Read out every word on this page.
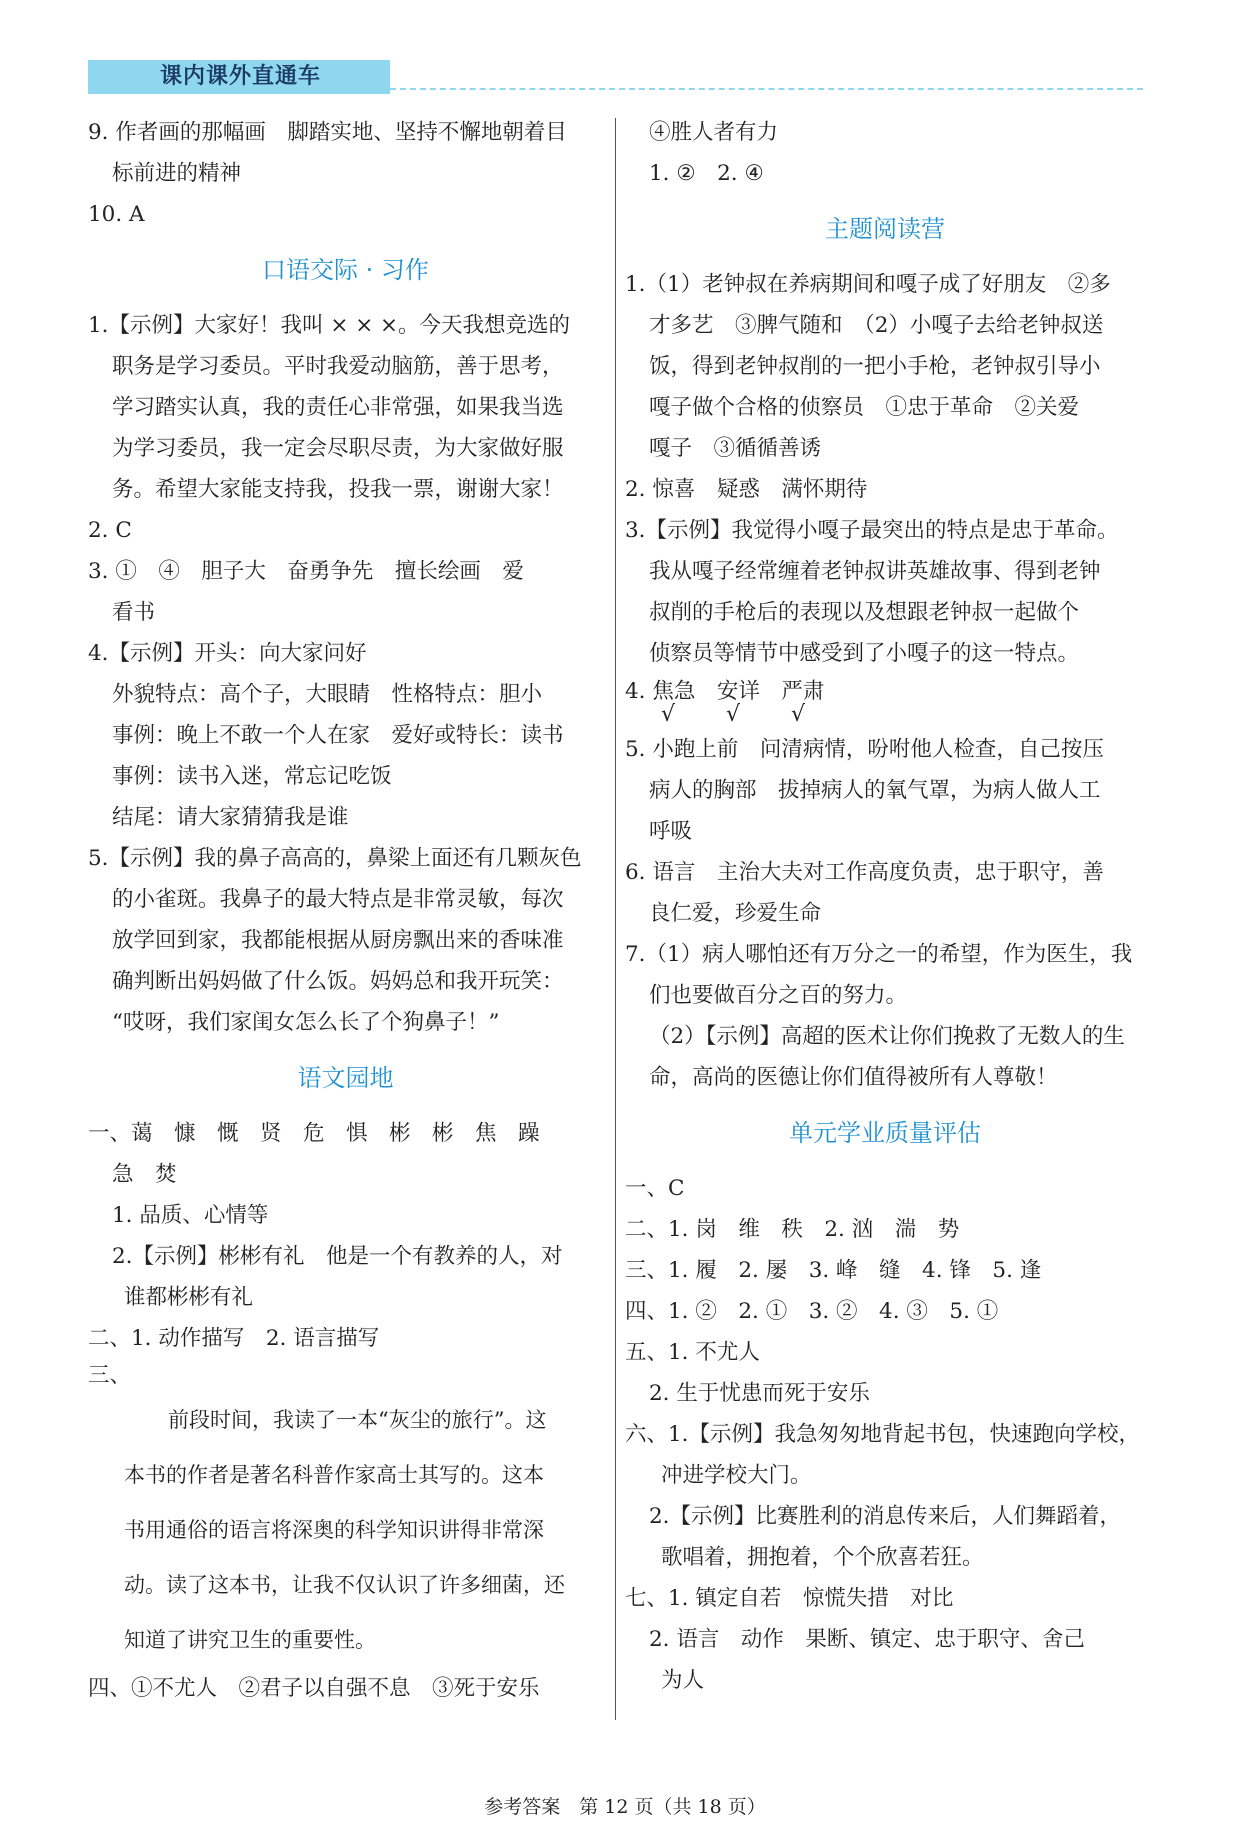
课内课外直通车
9. 作者画的那幅画　脚踏实地、坚持不懈地朝着目
标前进的精神
10. A
口语交际 · 习作
1.【示例】大家好！我叫 × × ×。今天我想竞选的
职务是学习委员。平时我爱动脑筋，善于思考，
学习踏实认真，我的责任心非常强，如果我当选
为学习委员，我一定会尽职尽责，为大家做好服
务。希望大家能支持我，投我一票，谢谢大家！
2. C
3. ①　④　胆子大　奋勇争先　擅长绘画　爱
看书
4.【示例】开头：向大家问好
外貌特点：高个子，大眼睛　性格特点：胆小
事例：晚上不敢一个人在家　爱好或特长：读书
事例：读书入迷，常忘记吃饭
结尾：请大家猜猜我是谁
5.【示例】我的鼻子高高的，鼻梁上面还有几颗灰色
的小雀斑。我鼻子的最大特点是非常灵敏，每次
放学回到家，我都能根据从厨房飘出来的香味准
确判断出妈妈做了什么饭。妈妈总和我开玩笑：
“哎呀，我们家闺女怎么长了个狗鼻子！”
语文园地
一、蔼　慷　慨　贤　危　惧　彬　彬　焦　躁
急　焚
1. 品质、心情等
2.【示例】彬彬有礼　他是一个有教养的人，对
谁都彬彬有礼
二、1. 动作描写　2. 语言描写
三、
前段时间，我读了一本“灰尘的旅行”。这
本书的作者是著名科普作家高士其写的。这本
书用通俗的语言将深奥的科学知识讲得非常深
动。读了这本书，让我不仅认识了许多细菌，还
知道了讲究卫生的重要性。
四、①不尤人　②君子以自强不息　③死于安乐
④胜人者有力
1. ②　2. ④
主题阅读营
1.（1）老钟叔在养病期间和嘎子成了好朋友　②多
才多艺　③脾气随和　（2）小嘎子去给老钟叔送
饭，得到老钟叔削的一把小手枪，老钟叔引导小
嘎子做个合格的侦察员　①忠于革命　②关爱
嘎子　③循循善诱
2. 惊喜　疑惑　满怀期待
3.【示例】我觉得小嘎子最突出的特点是忠于革命。
我从嘎子经常缠着老钟叔讲英雄故事、得到老钟
叔削的手枪后的表现以及想跟老钟叔一起做个
侦察员等情节中感受到了小嘎子的这一特点。
4. 焦急　安详　严肃
√　　 √　　 √
5. 小跑上前　问清病情，吩咐他人检查，自己按压
病人的胸部　拔掉病人的氧气罩，为病人做人工
呼吸
6. 语言　主治大夫对工作高度负责，忠于职守，善
良仁爱，珍爱生命
7.（1）病人哪怕还有万分之一的希望，作为医生，我
们也要做百分之百的努力。
（2）【示例】高超的医术让你们挽救了无数人的生
命，高尚的医德让你们值得被所有人尊敬！
单元学业质量评估
一、C
二、1. 岗　维　秩　2. 汹　湍　势
三、1. 履　2. 屡　3. 峰　缝　4. 锋　5. 逢
四、1. ②　2. ①　3. ②　4. ③　5. ①
五、1. 不尤人
2. 生于忧患而死于安乐
六、1.【示例】我急匆匆地背起书包，快速跑向学校，
冲进学校大门。
2.【示例】比赛胜利的消息传来后，人们舞蹈着，
歌唱着，拥抱着，个个欣喜若狂。
七、1. 镇定自若　惊慌失措　对比
2. 语言　动作　果断、镇定、忠于职守、舍己
为人
参考答案　第 12 页（共 18 页）
